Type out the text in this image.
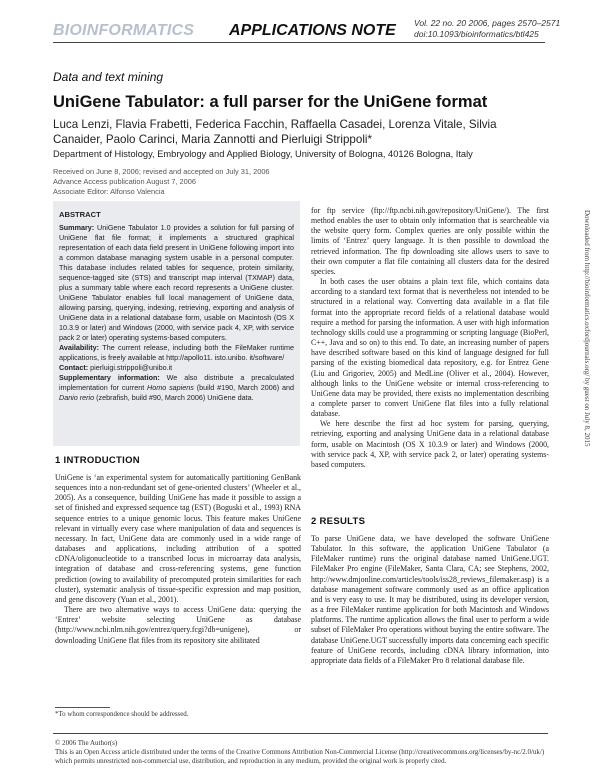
BIOINFORMATICS APPLICATIONS NOTE Vol. 22 no. 20 2006, pages 2570–2571
doi:10.1093/bioinformatics/btl425
Data and text mining
UniGene Tabulator: a full parser for the UniGene format
Luca Lenzi, Flavia Frabetti, Federica Facchin, Raffaella Casadei, Lorenza Vitale, Silvia Canaider, Paolo Carinci, Maria Zannotti and Pierluigi Strippoli*
Department of Histology, Embryology and Applied Biology, University of Bologna, 40126 Bologna, Italy
Received on June 8, 2006; revised and accepted on July 31, 2006
Advance Access publication August 7, 2006
Associate Editor: Alfonso Valencia

ABSTRACT

Summary: UniGene Tabulator 1.0 provides a solution for full parsing of UniGene flat file format; it implements a structured graphical representation of each data field present in UniGene following import into a common database managing system usable in a personal computer. This database includes related tables for sequence, protein similarity, sequence-tagged site (STS) and transcript map interval (TXMAP) data, plus a summary table where each record represents a UniGene cluster. UniGene Tabulator enables full local management of UniGene data, allowing parsing, querying, indexing, retrieving, exporting and analysis of UniGene data in a relational database form, usable on Macintosh (OS X 10.3.9 or later) and Windows (2000, with service pack 4, XP, with service pack 2 or later) operating systems-based computers.

Availability: The current release, including both the FileMaker runtime applications, is freely available at http://apollo11. isto.unibo. it/software/

Contact: pierluigi.strippoli@unibo.it

Supplementary information: We also distribute a precalculated implementation for current Homo sapiens (build #190, March 2006) and Danio rerio (zebrafish, build #90, March 2006) UniGene data.

1 INTRODUCTION

UniGene is ‘an experimental system for automatically partitioning GenBank sequences into a non-redundant set of gene-oriented clusters’ (Wheeler et al., 2005). As a consequence, building UniGene has made it possible to assign a set of finished and expressed sequence tag (EST) (Boguski et al., 1993) RNA sequence entries to a unique genomic locus. This feature makes UniGene relevant in virtually every case where manipulation of data and sequences is necessary. In fact, UniGene data are commonly used in a wide range of databases and applications, including attribution of a spotted cDNA/oligonucleotide to a transcribed locus in microarray data analysis, integration of database and cross-referencing systems, gene function prediction (owing to availability of precomputed protein similarities for each cluster), systematic analysis of tissue-specific expression and map position, and gene discovery (Yuan et al., 2001).

There are two alternative ways to access UniGene data: querying the ‘Entrez’ website selecting UniGene as database (http://www.ncbi.nlm.nih.gov/entrez/query.fcgi?db=unigene), or downloading UniGene flat files from its repository site abilitated

for ftp service (ftp://ftp.ncbi.nih.gov/repository/UniGene/). The first method enables the user to obtain only information that is searcheable via the website query form. Complex queries are only possible within the limits of ‘Entrez’ query language. It is then possible to download the retrieved information. The ftp downloading site allows users to save to their own computer a flat file containing all clusters data for the desired species.

In both cases the user obtains a plain text file, which contains data according to a standard text format that is nevertheless not intended to be structured in a relational way. Converting data available in a flat file format into the appropriate record fields of a relational database would require a method for parsing the information. A user with high information technology skills could use a programming or scripting language (BioPerl, C++, Java and so on) to this end. To date, an increasing number of papers have described software based on this kind of language designed for full parsing of the existing biomedical data repository, e.g. for Entrez Gene (Liu and Grigoriev, 2005) and MedLine (Oliver et al., 2004). However, although links to the UniGene website or internal cross-referencing to UniGene data may be provided, there exists no implementation describing a complete parser to convert UniGene flat files into a fully relational database.

We here describe the first ad hoc system for parsing, querying, retrieving, exporting and analysing UniGene data in a relational database form, usable on Macintosh (OS X 10.3.9 or later) and Windows (2000, with service pack 4, XP, with service pack 2, or later) operating systems-based computers.

2 RESULTS

To parse UniGene data, we have developed the software UniGene Tabulator. In this software, the application UniGene Tabulator (a FileMaker runtime) runs the original database named UniGene.UGT. FileMaker Pro engine (FileMaker, Santa Clara, CA; see Stephens, 2002, http://www.dmjonline.com/articles/tools/iss28_reviews_filemaker.asp) is a database management software commonly used as an office application and is very easy to use. It may be distributed, using its developer version, as a free FileMaker runtime application for both Macintosh and Windows platforms. The runtime application allows the final user to perform a wide subset of FileMaker Pro operations without buying the entire software. The database UniGene.UGT successfully imports data concerning each specific feature of UniGene records, including cDNA library information, into appropriate data fields of a FileMaker Pro 8 relational database file.

*To whom correspondence should be addressed.
© 2006 The Author(s)
This is an Open Access article distributed under the terms of the Creative Commons Attribution Non-Commercial License (http://creativecommons.org/licenses/by-nc/2.0/uk/) which permits unrestricted non-commercial use, distribution, and reproduction in any medium, provided the original work is properly cited.
Downloaded from http://bioinformatics.oxfordjournals.org/ by guest on July 8, 2015
